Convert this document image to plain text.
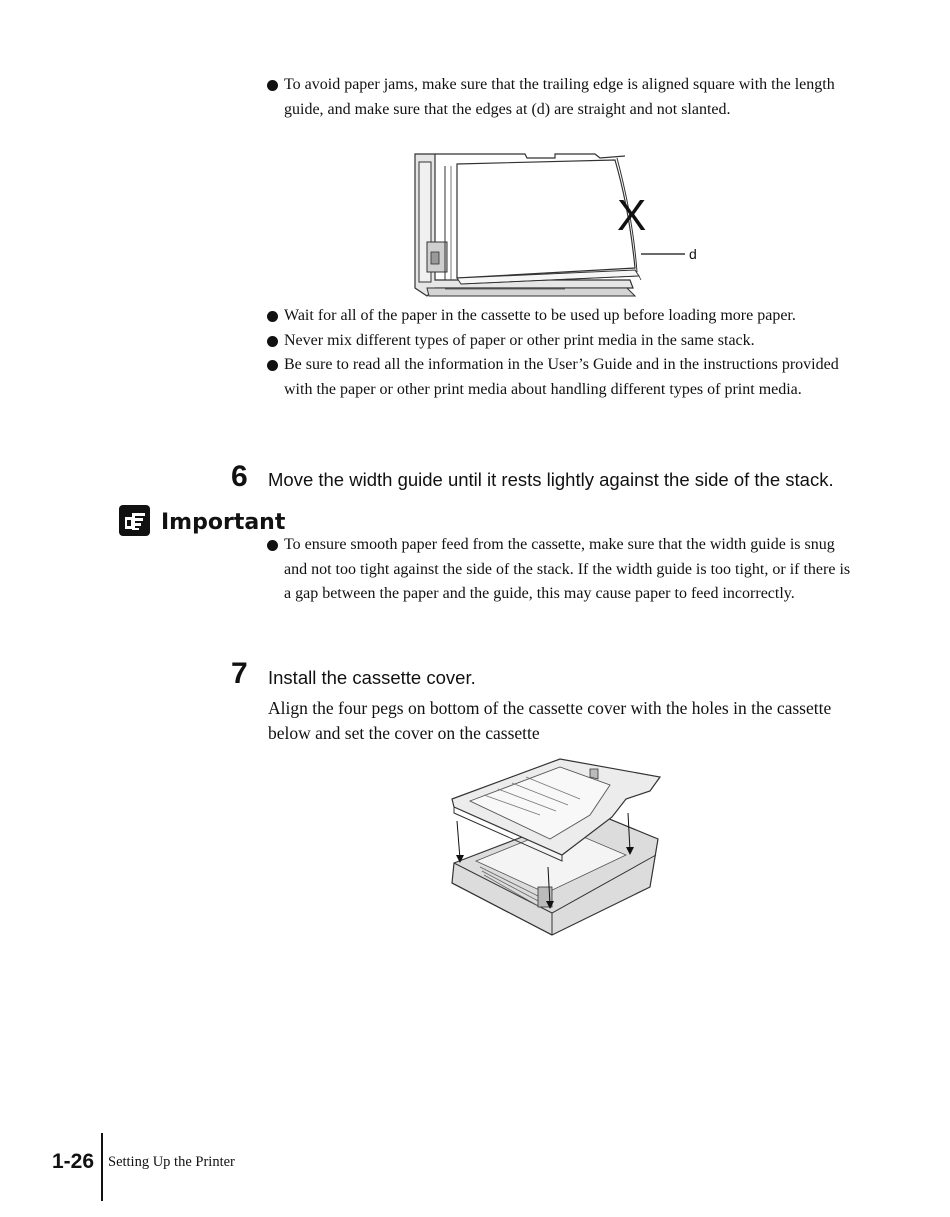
To avoid paper jams, make sure that the trailing edge is aligned square with the length guide, and make sure that the edges at (d) are straight and not slanted.
X
d
Wait for all of the paper in the cassette to be used up before loading more paper.
Never mix different types of paper or other print media in the same stack.
Be sure to read all the information in the User’s Guide and in the instructions provided with the paper or other print media about handling different types of print media.
6 Move the width guide until it rests lightly against the side of the stack.
Important
To ensure smooth paper feed from the cassette, make sure that the width guide is snug and not too tight against the side of the stack. If the width guide is too tight, or if there is a gap between the paper and the guide, this may cause paper to feed incorrectly.
7 Install the cassette cover.
Align the four pegs on bottom of the cassette cover with the holes in the cassette below and set the cover on the cassette
1-26 Setting Up the Printer
